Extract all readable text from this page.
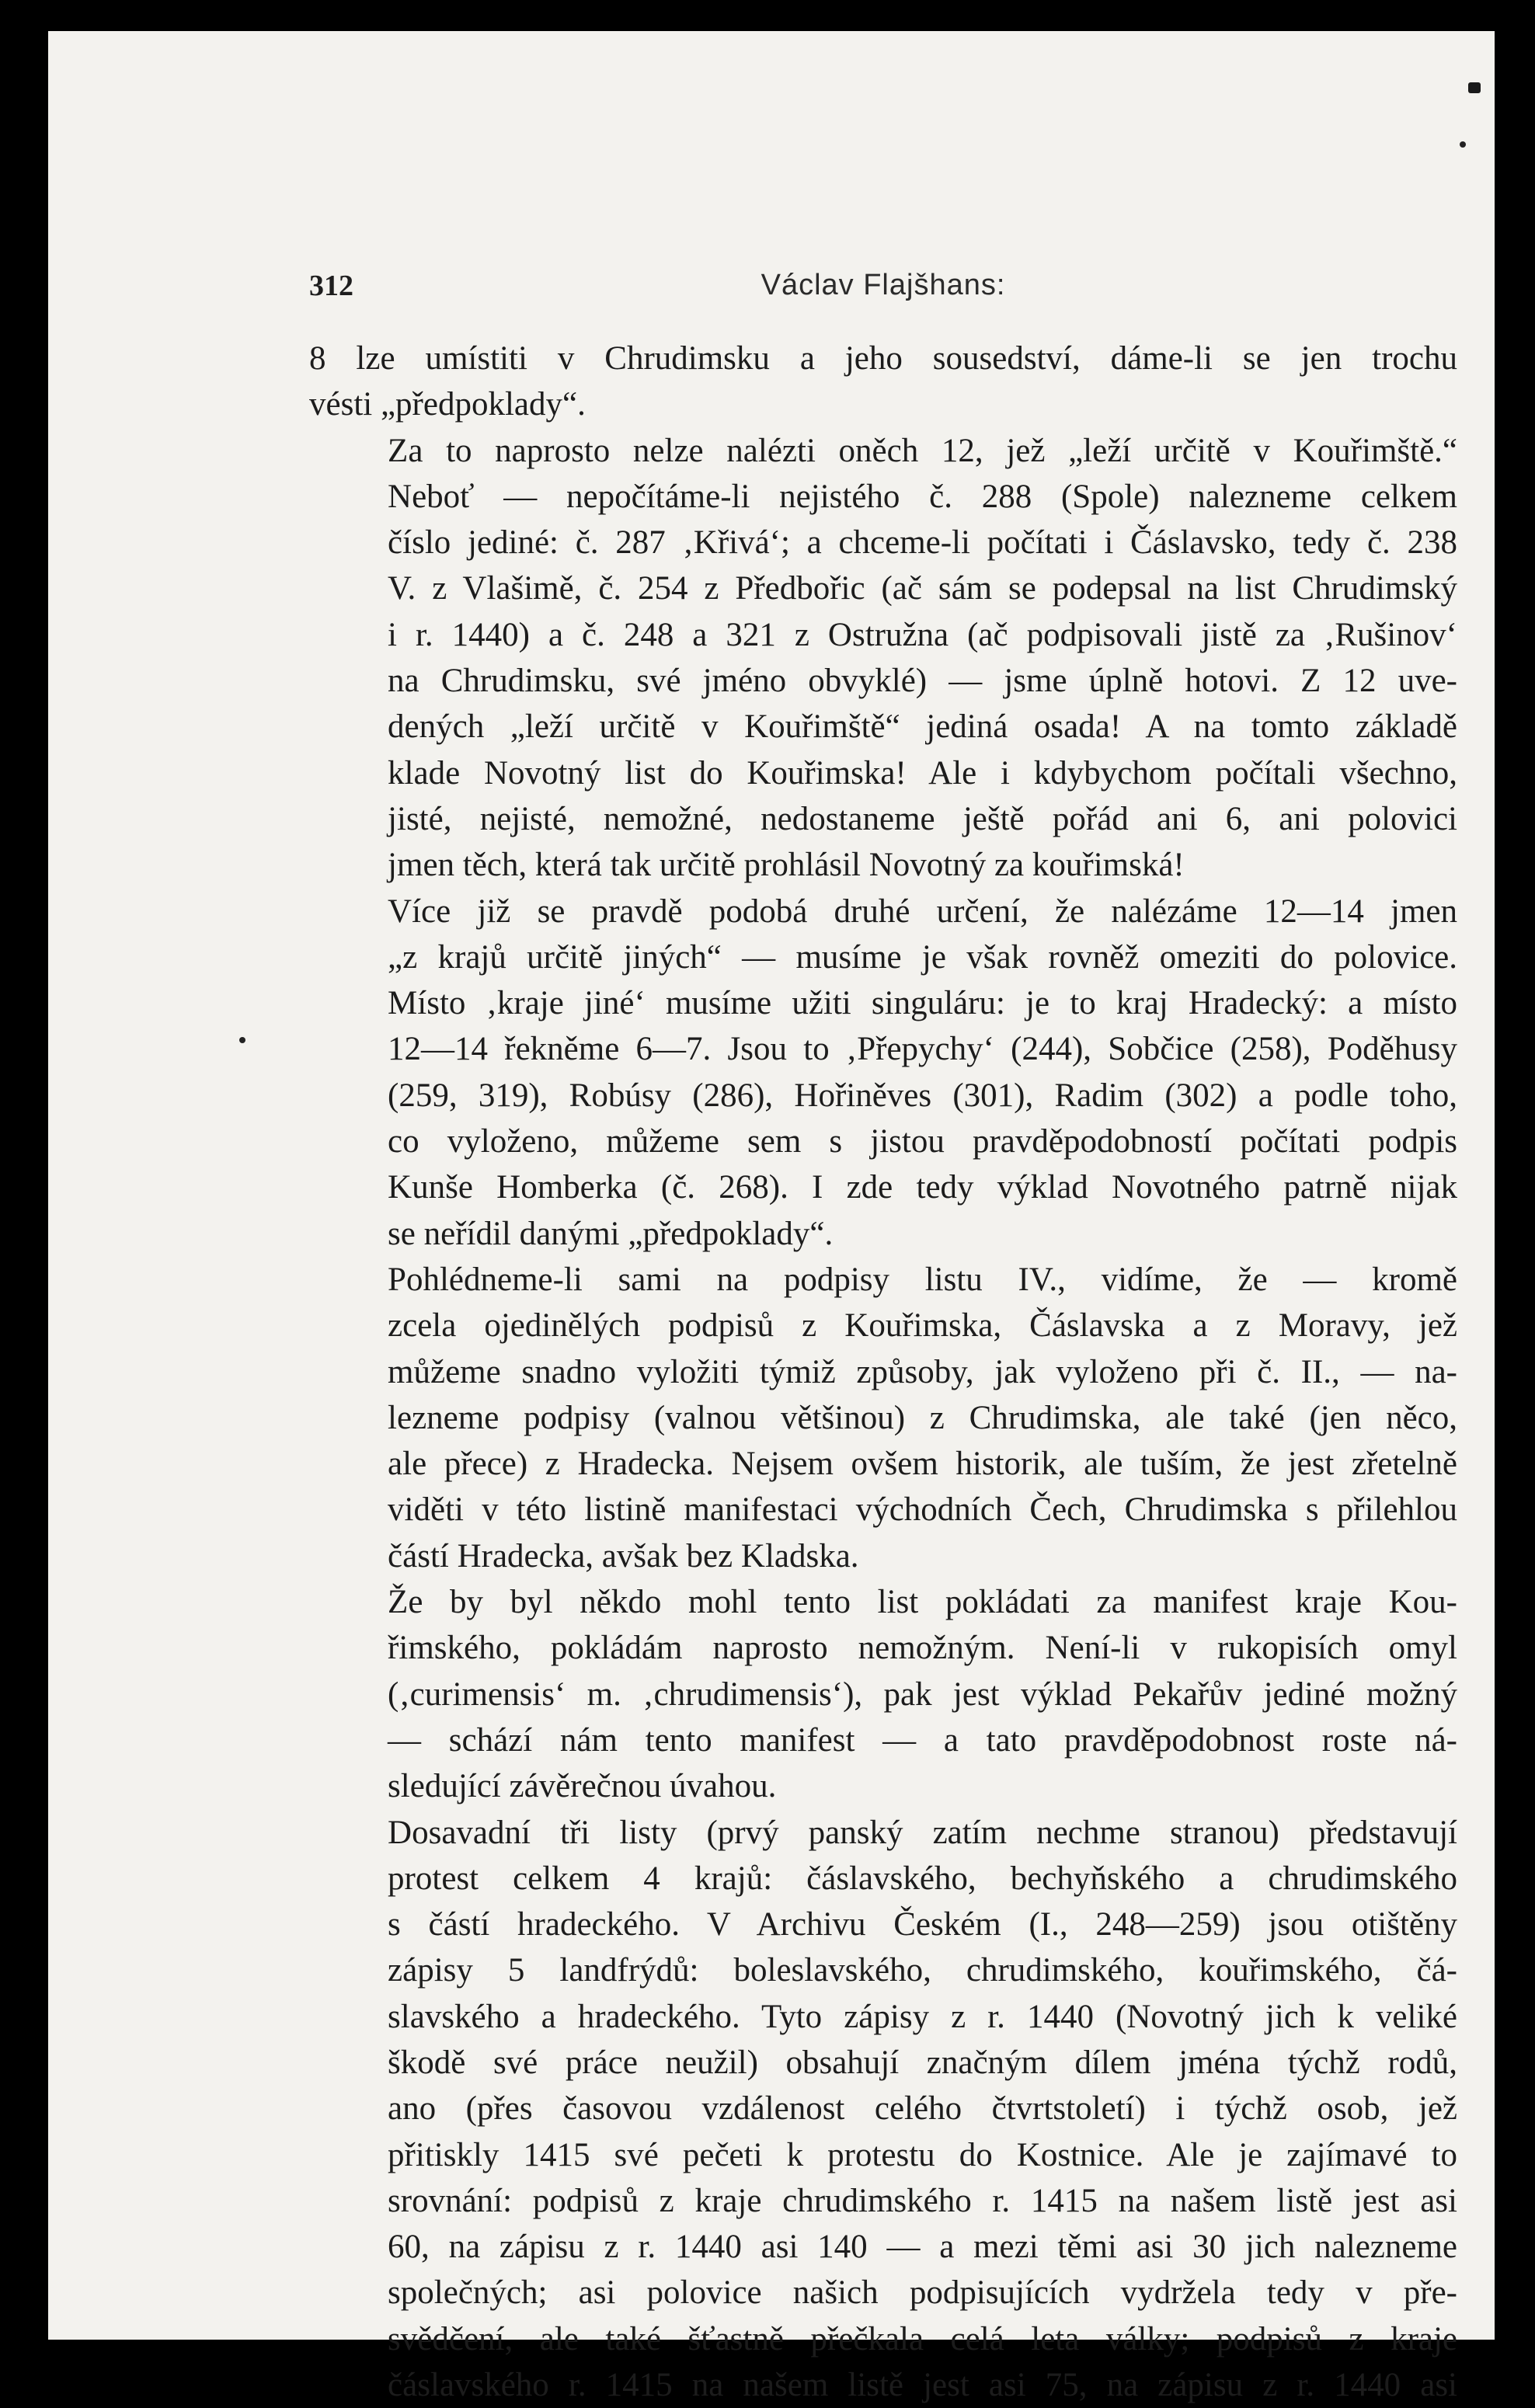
312	Václav Flajšhans:

8 lze umístiti v Chrudimsku a jeho sousedství, dáme-li se jen trochu
vésti „předpoklady“.

Za to naprosto nelze nalézti oněch 12, jež „leží určitě v Kouřimště.“
Neboť — nepočítáme-li nejistého č. 288 (Spole) nalezneme celkem
číslo jediné: č. 287 ‚Křivá‘; a chceme-li počítati i Čáslavsko, tedy č. 238
V. z Vlašimě, č. 254 z Předbořic (ač sám se podepsal na list Chrudimský
i r. 1440) a č. 248 a 321 z Ostružna (ač podpisovali jistě za ‚Rušinov‘
na Chrudimsku, své jméno obvyklé) — jsme úplně hotovi. Z 12 uve-
dených „leží určitě v Kouřimště“ jediná osada! A na tomto základě
klade Novotný list do Kouřimska! Ale i kdybychom počítali všechno,
jisté, nejisté, nemožné, nedostaneme ještě pořád ani 6, ani polovici
jmen těch, která tak určitě prohlásil Novotný za kouřimská!

Více již se pravdě podobá druhé určení, že nalézáme 12—14 jmen
„z krajů určitě jiných“ — musíme je však rovněž omeziti do polovice.
Místo ‚kraje jiné‘ musíme užiti singuláru: je to kraj Hradecký: a místo
12—14 řekněme 6—7. Jsou to ‚Přepychy‘ (244), Sobčice (258), Poděhusy
(259, 319), Robúsy (286), Hořiněves (301), Radim (302) a podle toho,
co vyloženo, můžeme sem s jistou pravděpodobností počítati podpis
Kunše Homberka (č. 268). I zde tedy výklad Novotného patrně nijak
se neřídil danými „předpoklady“.

Pohlédneme-li sami na podpisy listu IV., vidíme, že — kromě
zcela ojedinělých podpisů z Kouřimska, Čáslavska a z Moravy, jež
můžeme snadno vyložiti týmiž způsoby, jak vyloženo při č. II., — na-
lezneme podpisy (valnou většinou) z Chrudimska, ale také (jen něco,
ale přece) z Hradecka. Nejsem ovšem historik, ale tuším, že jest zřetelně
viděti v této listině manifestaci východních Čech, Chrudimska s přilehlou
částí Hradecka, avšak bez Kladska.

Že by byl někdo mohl tento list pokládati za manifest kraje Kou-
řimského, pokládám naprosto nemožným. Není-li v rukopisích omyl
(‚curimensis‘ m. ‚chrudimensis‘), pak jest výklad Pekařův jediné možný
— schází nám tento manifest — a tato pravděpodobnost roste ná-
sledující závěrečnou úvahou.

Dosavadní tři listy (prvý panský zatím nechme stranou) představují
protest celkem 4 krajů: čáslavského, bechyňského a chrudimského
s částí hradeckého. V Archivu Českém (I., 248—259) jsou otištěny
zápisy 5 landfrýdů: boleslavského, chrudimského, kouřimského, čá-
slavského a hradeckého. Tyto zápisy z r. 1440 (Novotný jich k veliké
škodě své práce neužil) obsahují značným dílem jména týchž rodů,
ano (přes časovou vzdálenost celého čtvrtstoletí) i týchž osob, jež
přitiskly 1415 své pečeti k protestu do Kostnice. Ale je zajímavé to
srovnání: podpisů z kraje chrudimského r. 1415 na našem listě jest asi
60, na zápisu z r. 1440 asi 140 — a mezi těmi asi 30 jich nalezneme
společných; asi polovice našich podpisujících vydržela tedy v pře-
svědčení, ale také šťastně přečkala celá leta války; podpisů z kraje
čáslavského r. 1415 na našem listě jest asi 75, na zápisu z r. 1440 asi
